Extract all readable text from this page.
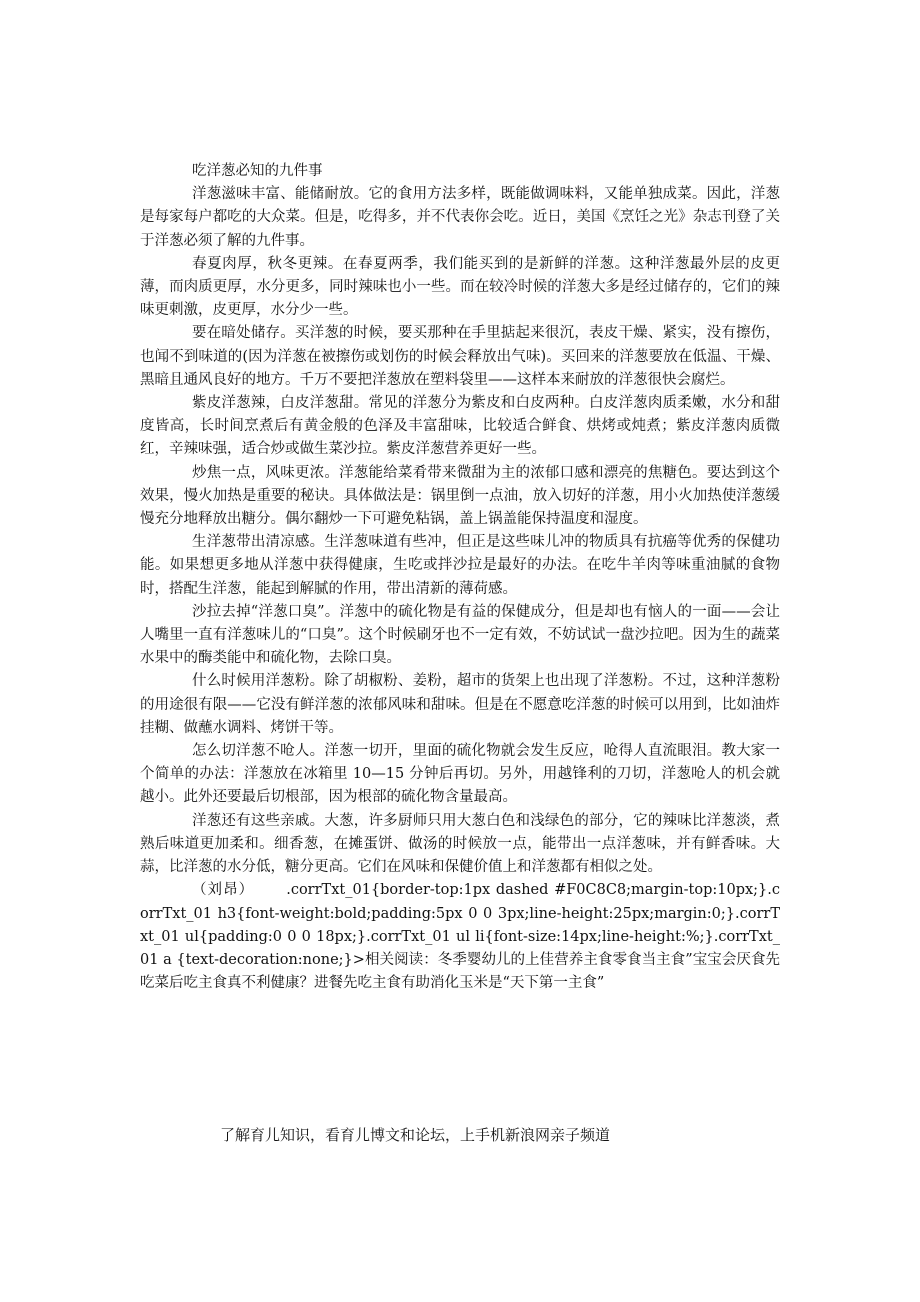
吃洋葱必知的九件事

洋葱滋味丰富、能储耐放。它的食用方法多样，既能做调味料，又能单独成菜。因此，洋葱是每家每户都吃的大众菜。但是，吃得多，并不代表你会吃。近日，美国《烹饪之光》杂志刊登了关于洋葱必须了解的九件事。

春夏肉厚，秋冬更辣。在春夏两季，我们能买到的是新鲜的洋葱。这种洋葱最外层的皮更薄，而肉质更厚，水分更多，同时辣味也小一些。而在较冷时候的洋葱大多是经过储存的，它们的辣味更刺激，皮更厚，水分少一些。

要在暗处储存。买洋葱的时候，要买那种在手里掂起来很沉，表皮干燥、紧实，没有擦伤，也闻不到味道的(因为洋葱在被擦伤或划伤的时候会释放出气味)。买回来的洋葱要放在低温、干燥、黑暗且通风良好的地方。千万不要把洋葱放在塑料袋里——这样本来耐放的洋葱很快会腐烂。

紫皮洋葱辣，白皮洋葱甜。常见的洋葱分为紫皮和白皮两种。白皮洋葱肉质柔嫩，水分和甜度皆高，长时间烹煮后有黄金般的色泽及丰富甜味，比较适合鲜食、烘烤或炖煮；紫皮洋葱肉质微红，辛辣味强，适合炒或做生菜沙拉。紫皮洋葱营养更好一些。

炒焦一点，风味更浓。洋葱能给菜肴带来微甜为主的浓郁口感和漂亮的焦糖色。要达到这个效果，慢火加热是重要的秘诀。具体做法是：锅里倒一点油，放入切好的洋葱，用小火加热使洋葱缓慢充分地释放出糖分。偶尔翻炒一下可避免粘锅，盖上锅盖能保持温度和湿度。

生洋葱带出清凉感。生洋葱味道有些冲，但正是这些味儿冲的物质具有抗癌等优秀的保健功能。如果想更多地从洋葱中获得健康，生吃或拌沙拉是最好的办法。在吃牛羊肉等味重油腻的食物时，搭配生洋葱，能起到解腻的作用，带出清新的薄荷感。

沙拉去掉“洋葱口臭”。洋葱中的硫化物是有益的保健成分，但是却也有恼人的一面——会让人嘴里一直有洋葱味儿的“口臭”。这个时候刷牙也不一定有效，不妨试试一盘沙拉吧。因为生的蔬菜水果中的酶类能中和硫化物，去除口臭。

什么时候用洋葱粉。除了胡椒粉、姜粉，超市的货架上也出现了洋葱粉。不过，这种洋葱粉的用途很有限——它没有鲜洋葱的浓郁风味和甜味。但是在不愿意吃洋葱的时候可以用到，比如油炸挂糊、做蘸水调料、烤饼干等。

怎么切洋葱不呛人。洋葱一切开，里面的硫化物就会发生反应，呛得人直流眼泪。教大家一个简单的办法：洋葱放在冰箱里 10—15 分钟后再切。另外，用越锋利的刀切，洋葱呛人的机会就越小。此外还要最后切根部，因为根部的硫化物含量最高。

洋葱还有这些亲戚。大葱，许多厨师只用大葱白色和浅绿色的部分，它的辣味比洋葱淡，煮熟后味道更加柔和。细香葱，在摊蛋饼、做汤的时候放一点，能带出一点洋葱味，并有鲜香味。大蒜，比洋葱的水分低，糖分更高。它们在风味和保健价值上和洋葱都有相似之处。

（刘昂） .corrTxt_01{border-top:1px dashed #F0C8C8;margin-top:10px;}.corrTxt_01 h3{font-weight:bold;padding:5px 0 0 3px;line-height:25px;margin:0;}.corrTxt_01 ul{padding:0 0 0 18px;}.corrTxt_01 ul li{font-size:14px;line-height:%;}.corrTxt_01 a {text-decoration:none;}>相关阅读：冬季婴幼儿的上佳营养主食零食当主食”宝宝会厌食先吃菜后吃主食真不利健康？进餐先吃主食有助消化玉米是“天下第一主食”

了解育儿知识，看育儿博文和论坛，上手机新浪网亲子频道
